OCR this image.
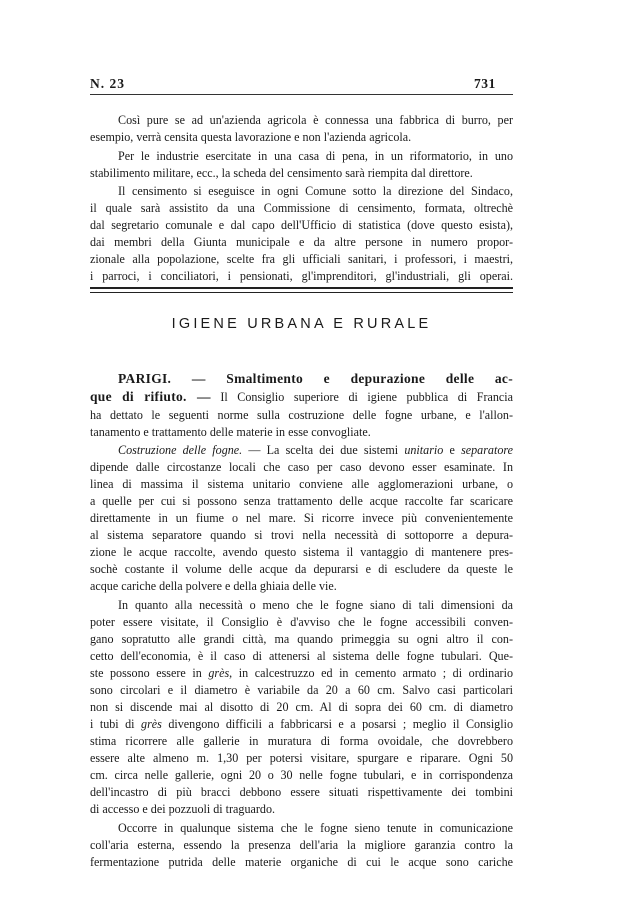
N. 23	731
Così pure se ad un'azienda agricola è connessa una fabbrica di burro, per
esempio, verrà censita questa lavorazione e non l'azienda agricola.
Per le industrie esercitate in una casa di pena, in un riformatorio, in uno
stabilimento militare, ecc., la scheda del censimento sarà riempita dal direttore.
Il censimento si eseguisce in ogni Comune sotto la direzione del Sindaco,
il quale sarà assistito da una Commissione di censimento, formata, oltrechè
dal segretario comunale e dal capo dell'Ufficio di statistica (dove questo esista),
dai membri della Giunta municipale e da altre persone in numero propor-
zionale alla popolazione, scelte fra gli ufficiali sanitari, i professori, i maestri,
i parroci, i conciliatori, i pensionati, gl'imprenditori, gl'industriali, gli operai.
IGIENE URBANA E RURALE
PARIGI. — Smaltimento e depurazione delle ac-
que di rifiuto. — Il Consiglio superiore di igiene pubblica di Francia
ha dettato le seguenti norme sulla costruzione delle fogne urbane, e l'allon-
tanamento e trattamento delle materie in esse convogliate.
Costruzione delle fogne. — La scelta dei due sistemi unitario e separatore
dipende dalle circostanze locali che caso per caso devono esser esaminate. In
linea di massima il sistema unitario conviene alle agglomerazioni urbane, o
a quelle per cui si possono senza trattamento delle acque raccolte far scaricare
direttamente in un fiume o nel mare. Si ricorre invece più convenientemente
al sistema separatore quando si trovi nella necessità di sottoporre a depura-
zione le acque raccolte, avendo questo sistema il vantaggio di mantenere pres-
sochè costante il volume delle acque da depurarsi e di escludere da queste le
acque cariche della polvere e della ghiaia delle vie.
In quanto alla necessità o meno che le fogne siano di tali dimensioni da
poter essere visitate, il Consiglio è d'avviso che le fogne accessibili conven-
gano sopratutto alle grandi città, ma quando primeggia su ogni altro il con-
cetto dell'economia, è il caso di attenersi al sistema delle fogne tubulari. Que-
ste possono essere in grès, in calcestruzzo ed in cemento armato ; di ordinario
sono circolari e il diametro è variabile da 20 a 60 cm. Salvo casi particolari
non si discende mai al disotto di 20 cm. Al di sopra dei 60 cm. di diametro
i tubi di grès divengono difficili a fabbricarsi e a posarsi ; meglio il Consiglio
stima ricorrere alle gallerie in muratura di forma ovoidale, che dovrebbero
essere alte almeno m. 1,30 per potersi visitare, spurgare e riparare. Ogni 50
cm. circa nelle gallerie, ogni 20 o 30 nelle fogne tubulari, e in corrispondenza
dell'incastro di più bracci debbono essere situati rispettivamente dei tombini
di accesso e dei pozzuoli di traguardo.
Occorre in qualunque sistema che le fogne sieno tenute in comunicazione
coll'aria esterna, essendo la presenza dell'aria la migliore garanzia contro la
fermentazione putrida delle materie organiche di cui le acque sono cariche
